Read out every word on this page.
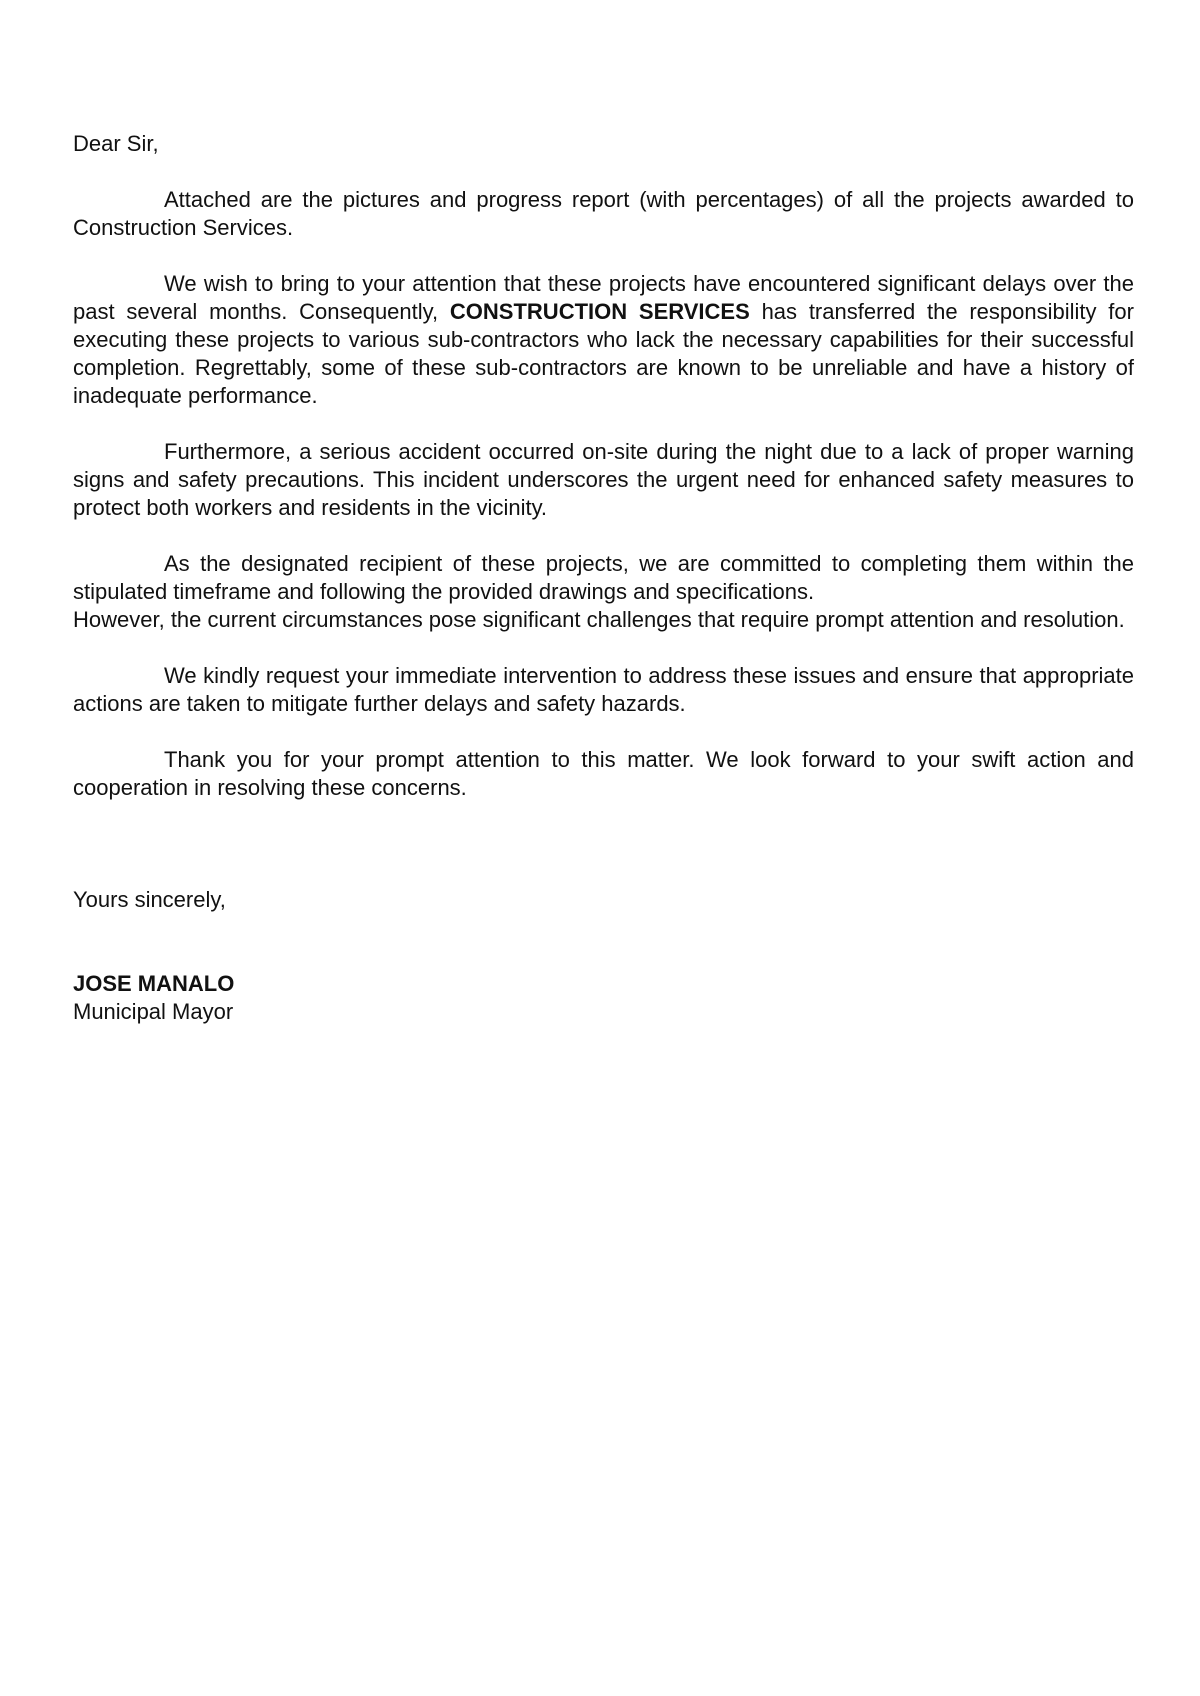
Dear Sir,

Attached are the pictures and progress report (with percentages) of all the projects awarded to Construction Services.

We wish to bring to your attention that these projects have encountered significant delays over the past several months. Consequently, CONSTRUCTION SERVICES has transferred the responsibility for executing these projects to various sub-contractors who lack the necessary capabilities for their successful completion. Regrettably, some of these sub-contractors are known to be unreliable and have a history of inadequate performance.

Furthermore, a serious accident occurred on-site during the night due to a lack of proper warning signs and safety precautions. This incident underscores the urgent need for enhanced safety measures to protect both workers and residents in the vicinity.

As the designated recipient of these projects, we are committed to completing them within the stipulated timeframe and following the provided drawings and specifications.

However, the current circumstances pose significant challenges that require prompt attention and resolution.

We kindly request your immediate intervention to address these issues and ensure that appropriate actions are taken to mitigate further delays and safety hazards.

Thank you for your prompt attention to this matter. We look forward to your swift action and cooperation in resolving these concerns.

Yours sincerely,

JOSE MANALO

Municipal Mayor
